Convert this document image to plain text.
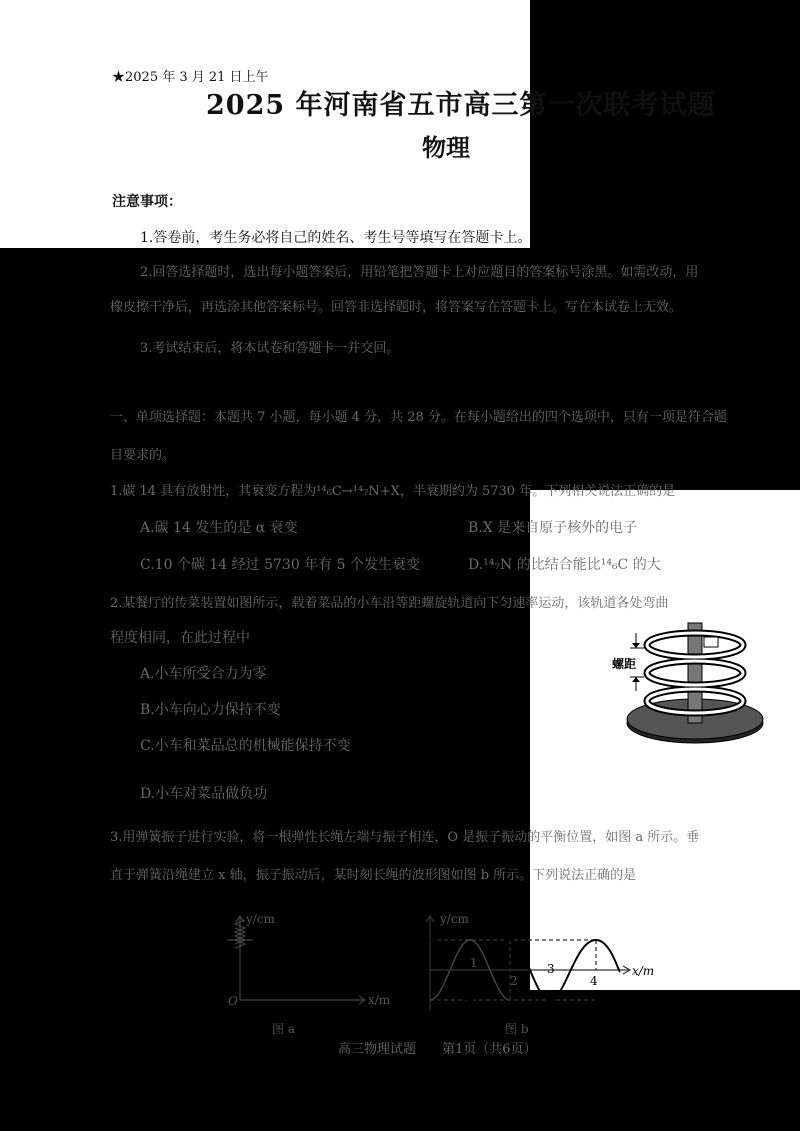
★2025 年 3 月 21 日上午
2025 年河南省五市高三第一次联考试题
物理
注意事项：
1.答卷前，考生务必将自己的姓名、考生号等填写在答题卡上。
2.回答选择题时，选出每小题答案后，用铅笔把答题卡上对应题目的答案标号涂黑。如需改动，用
橡皮擦干净后，再选涂其他答案标号。回答非选择题时，将答案写在答题卡上。写在本试卷上无效。
3.考试结束后，将本试卷和答题卡一并交回。
一、单项选择题：本题共 7 小题，每小题 4 分，共 28 分。在每小题给出的四个选项中，只有一项是符合题
目要求的。
1.碳 14 具有放射性，其衰变方程为¹⁴₆C→¹⁴₇N+X，半衰期约为 5730 年。下列相关说法正确的是
A.碳 14 发生的是 α 衰变	B.X 是来自原子核外的电子
C.10 个碳 14 经过 5730 年有 5 个发生衰变	D.¹⁴₇N 的比结合能比¹⁴₆C 的大
2.某餐厅的传菜装置如图所示，载着菜品的小车沿等距螺旋轨道向下匀速率运动，该轨道各处弯曲
程度相同，在此过程中
A.小车所受合力为零
B.小车向心力保持不变
C.小车和菜品总的机械能保持不变
D.小车对菜品做负功
螺距
3.用弹簧振子进行实验，将一根弹性长绳左端与振子相连，O 是振子振动的平衡位置，如图 a 所示。垂
直于弹簧沿绳建立 x 轴，振子振动后，某时刻长绳的波形图如图 b 所示。下列说法正确的是
y/cm
x/m
O
图 a
y/cm
x/m
1
2
3
4
图 b
高三物理试题 第1页（共6页）
